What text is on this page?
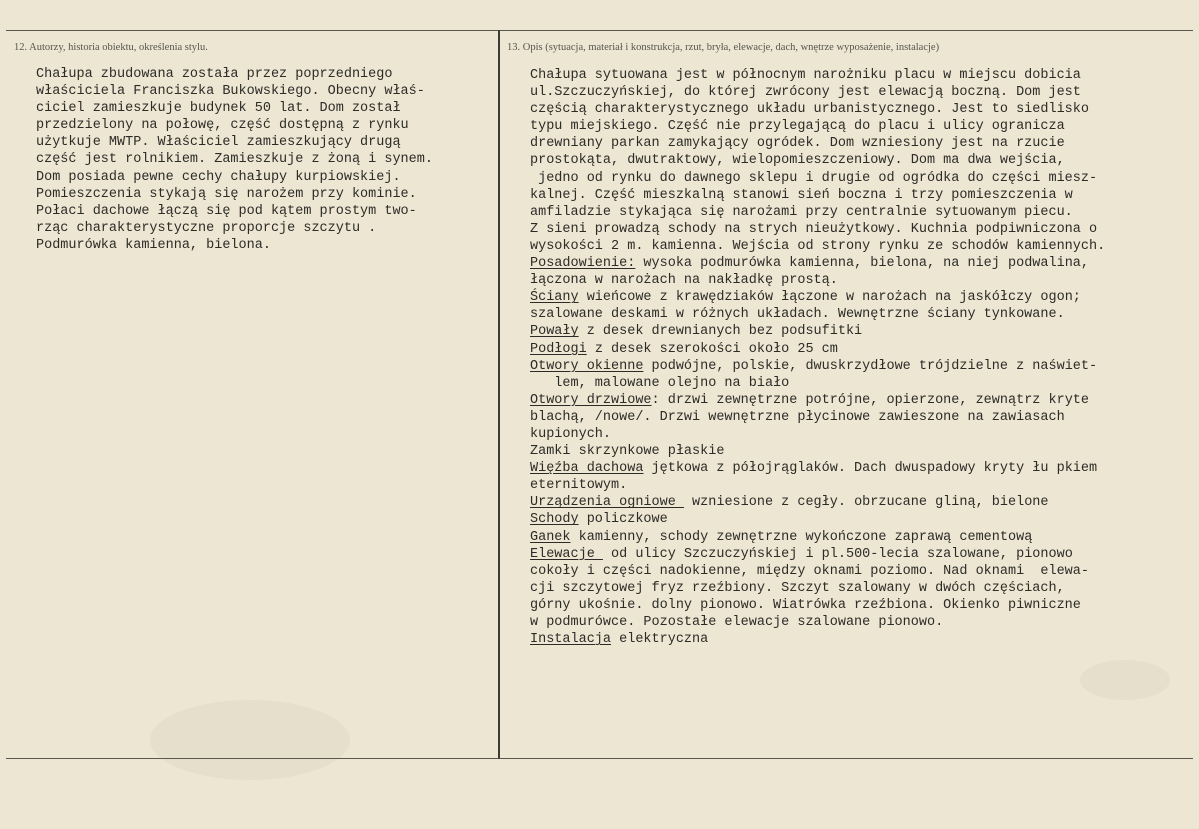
12. Autorzy, historia obiektu, określenia stylu.	13. Opis (sytuacja, materiał i konstrukcja, rzut, bryła, elewacje, dach, wnętrze wyposażenie, instalacje)
Chałupa zbudowana została przez poprzedniego
właściciela Franciszka Bukowskiego. Obecny właś-
ciciel zamieszkuje budynek 50 lat. Dom został
przedzielony na połowę, część dostępną z rynku
użytkuje MWTP. Właściciel zamieszkujący drugą
część jest rolnikiem. Zamieszkuje z żoną i synem.
Dom posiada pewne cechy chałupy kurpiowskiej.
Pomieszczenia stykają się narożem przy kominie.
Połaci dachowe łączą się pod kątem prostym two-
rząc charakterystyczne proporcje szczytu .
Podmurówka kamienna, bielona.
Chałupa sytuowana jest w północnym narożniku placu w miejscu dobicia
ul.Szczuczyńskiej, do której zwrócony jest elewacją boczną. Dom jest
częścią charakterystycznego układu urbanistycznego. Jest to siedlisko
typu miejskiego. Część nie przylegającą do placu i ulicy ogranicza
drewniany parkan zamykający ogródek. Dom wzniesiony jest na rzucie
prostokąta, dwutraktowy, wielopomieszczeniowy. Dom ma dwa wejścia,
jedno od rynku do dawnego sklepu i drugie od ogródka do części miesz-
kalnej. Część mieszkalną stanowi sień boczna i trzy pomieszczenia w
amfiladzie stykająca się narożami przy centralnie sytuowanym piecu.
Z sieni prowadzą schody na strych nieużytkowy. Kuchnia podpiwniczona o
wysokości 2 m. kamienna. Wejścia od strony rynku ze schodów kamiennych.
Posadowienie: wysoka podmurówka kamienna, bielona, na niej podwalina,
łączona w narożach na nakładkę prostą.
Ściany wieńcowe z krawędziaków łączone w narożach na jaskółczy ogon;
szalowane deskami w różnych układach. Wewnętrzne ściany tynkowane.
Powały z desek drewnianych bez podsufitki
Podłogi z desek szerokości około 25 cm
Otwory okienne podwójne, polskie, dwuskrzydłowe trójdzielne z naświet-
lem, malowane olejno na biało
Otwory drzwiowe: drzwi zewnętrzne potrójne, opierzone, zewnątrz kryte
blachą, /nowe/. Drzwi wewnętrzne płycinowe zawieszone na zawiasach
kupionych.
Zamki skrzynkowe płaskie
Więźba dachowa jętkowa z półojrąglaków. Dach dwuspadowy kryty łu pkiem
eternitowym.
Urządzenia ogniowe  wzniesione z cegły. obrzucane gliną, bielone
Schody policzkowe
Ganek kamienny, schody zewnętrzne wykończone zaprawą cementową
Elewacje  od ulicy Szczuczyńskiej i pl.500-lecia szalowane, pionowo
cokoły i części nadokienne, między oknami poziomo. Nad oknami  elewa-
cji szczytowej fryz rzeźbiony. Szczyt szalowany w dwóch częściach,
górny ukośnie. dolny pionowo. Wiatrówka rzeźbiona. Okienko piwniczne
w podmurówce. Pozostałe elewacje szalowane pionowo.
Instalacja elektryczna
